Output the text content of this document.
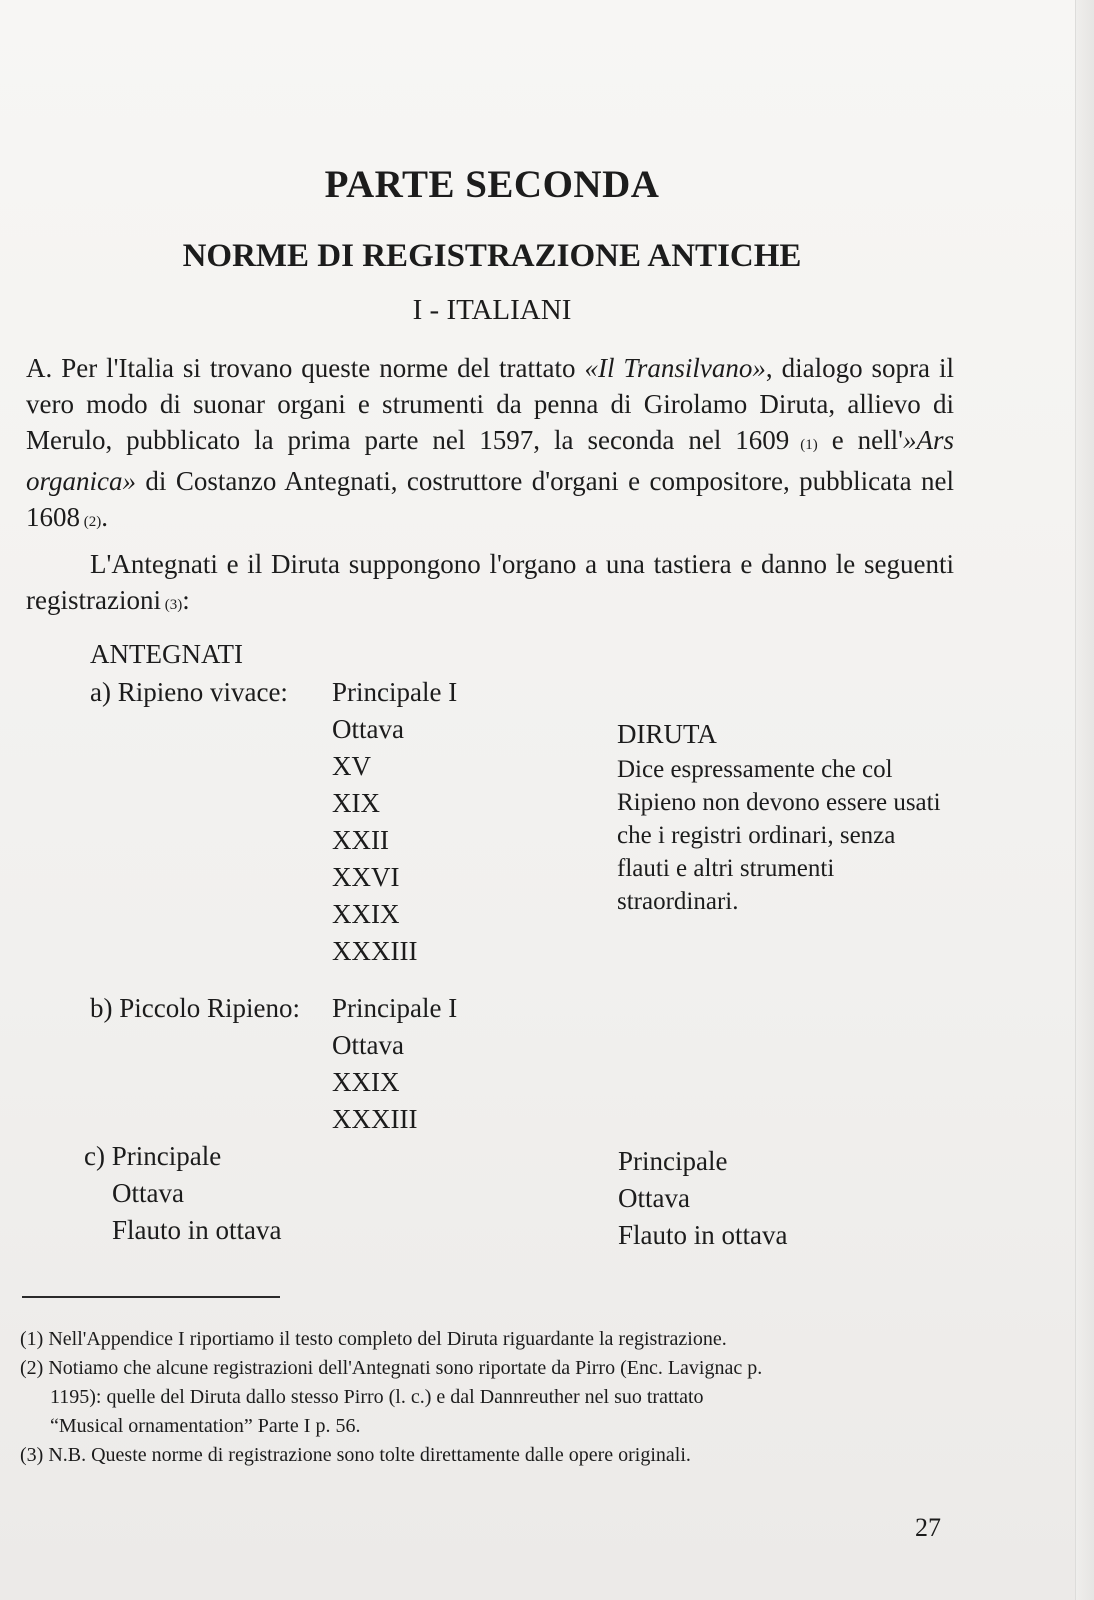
PARTE SECONDA
NORME DI REGISTRAZIONE ANTICHE
I - ITALIANI
A. Per l'Italia si trovano queste norme del trattato «Il Transilvano», dialogo sopra il vero modo di suonar organi e strumenti da penna di Girolamo Diruta, allievo di Merulo, pubblicato la prima parte nel 1597, la seconda nel 1609 (1) e nell'»Ars organica» di Costanzo Antegnati, costruttore d'organi e compositore, pubblicata nel 1608 (2).
L'Antegnati e il Diruta suppongono l'organo a una tastiera e danno le seguenti registrazioni (3):
ANTEGNATI
a) Ripieno vivace: Principale I
Ottava
XV
XIX
XXII
XXVI
XXIX
XXXIII
b) Piccolo Ripieno: Principale I
Ottava
XXIX
XXXIII
c) Principale
Ottava
Flauto in ottava
DIRUTA
Dice espressamente che col Ripieno non devono essere usati che i registri ordinari, senza flauti e altri strumenti straordinari.
Principale
Ottava
Flauto in ottava
(1) Nell'Appendice I riportiamo il testo completo del Diruta riguardante la registrazione.
(2) Notiamo che alcune registrazioni dell'Antegnati sono riportate da Pirro (Enc. Lavignac p.
1195): quelle del Diruta dallo stesso Pirro (l. c.) e dal Dannreuther nel suo trattato
“Musical ornamentation” Parte I p. 56.
(3) N.B. Queste norme di registrazione sono tolte direttamente dalle opere originali.
27
